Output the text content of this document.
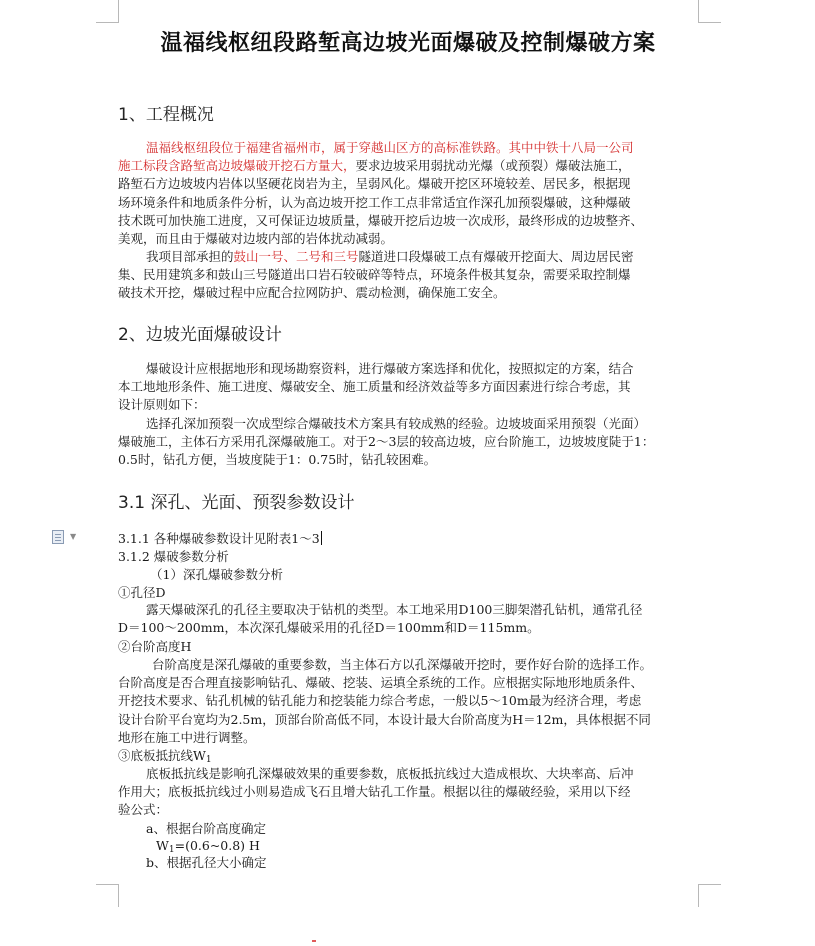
▼
温福线枢纽段路堑高边坡光面爆破及控制爆破方案
1、工程概况
温福线枢纽段位于福建省福州市，属于穿越山区方的高标准铁路。其中中铁十八局一公司
施工标段含路堑高边坡爆破开挖石方量大，要求边坡采用弱扰动光爆（或预裂）爆破法施工，
路堑石方边坡坡内岩体以坚硬花岗岩为主，呈弱风化。爆破开挖区环境较差、居民多，根据现
场环境条件和地质条件分析，认为高边坡开挖工作工点非常适宜作深孔加预裂爆破，这种爆破
技术既可加快施工进度，又可保证边坡质量，爆破开挖后边坡一次成形，最终形成的边坡整齐、
美观，而且由于爆破对边坡内部的岩体扰动减弱。
我项目部承担的鼓山一号、二号和三号隧道进口段爆破工点有爆破开挖面大、周边居民密
集、民用建筑多和鼓山三号隧道出口岩石较破碎等特点，环境条件极其复杂，需要采取控制爆
破技术开挖，爆破过程中应配合拉网防护、震动检测，确保施工安全。
2、边坡光面爆破设计
爆破设计应根据地形和现场勘察资料，进行爆破方案选择和优化，按照拟定的方案，结合
本工地地形条件、施工进度、爆破安全、施工质量和经济效益等多方面因素进行综合考虑，其
设计原则如下：
选择孔深加预裂一次成型综合爆破技术方案具有较成熟的经验。边坡坡面采用预裂（光面）
爆破施工，主体石方采用孔深爆破施工。对于2～3层的较高边坡，应台阶施工，边坡坡度陡于1：
0.5时，钻孔方便，当坡度陡于1：0.75时，钻孔较困难。
3.1 深孔、光面、预裂参数设计
3.1.1 各种爆破参数设计见附表1～3
3.1.2 爆破参数分析
（1）深孔爆破参数分析
①孔径D
露天爆破深孔的孔径主要取决于钻机的类型。本工地采用D100三脚架潜孔钻机，通常孔径
D＝100～200mm，本次深孔爆破采用的孔径D＝100mm和D＝115mm。
②台阶高度H
台阶高度是深孔爆破的重要参数，当主体石方以孔深爆破开挖时，要作好台阶的选择工作。
台阶高度是否合理直接影响钻孔、爆破、挖装、运填全系统的工作。应根据实际地形地质条件、
开挖技术要求、钻孔机械的钻孔能力和挖装能力综合考虑，一般以5～10m最为经济合理，考虑
设计台阶平台宽均为2.5m，顶部台阶高低不同，本设计最大台阶高度为H＝12m，具体根据不同
地形在施工中进行调整。
③底板抵抗线$W_1$
底板抵抗线是影响孔深爆破效果的重要参数，底板抵抗线过大造成根坎、大块率高、后冲
作用大；底板抵抗线过小则易造成飞石且增大钻孔工作量。根据以往的爆破经验，采用以下经
验公式：
a、根据台阶高度确定
$W_1=(0.6\sim 0.8)$ H
b、根据孔径大小确定
